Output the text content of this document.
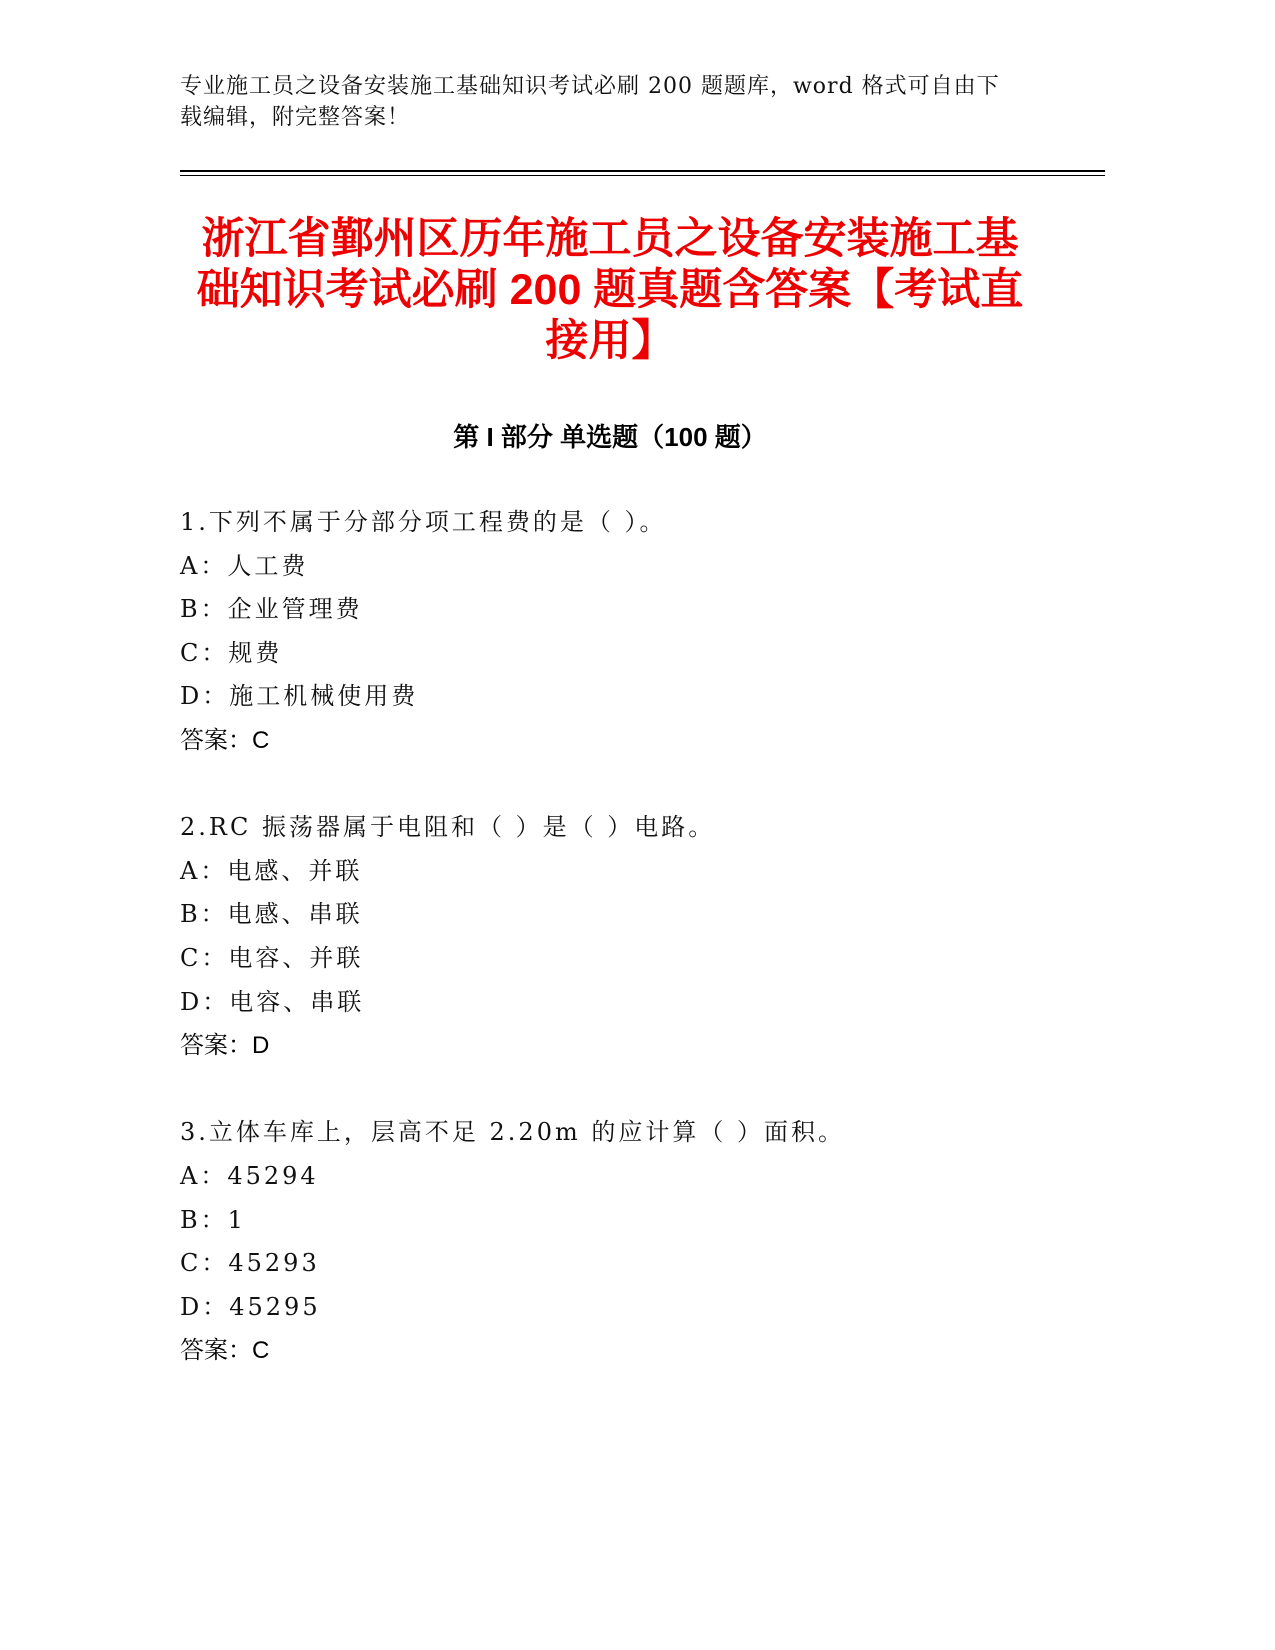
专业施工员之设备安装施工基础知识考试必刷 200 题题库，word 格式可自由下载编辑，附完整答案！
浙江省鄞州区历年施工员之设备安装施工基础知识考试必刷 200 题真题含答案【考试直接用】
第 I 部分 单选题（100 题）
1.下列不属于分部分项工程费的是（ ）。
A：人工费
B：企业管理费
C：规费
D：施工机械使用费
答案：C
2.RC 振荡器属于电阻和（ ）是（ ）电路。
A：电感、并联
B：电感、串联
C：电容、并联
D：电容、串联
答案：D
3.立体车库上，层高不足 2.20m 的应计算（ ）面积。
A：45294
B：1
C：45293
D：45295
答案：C
